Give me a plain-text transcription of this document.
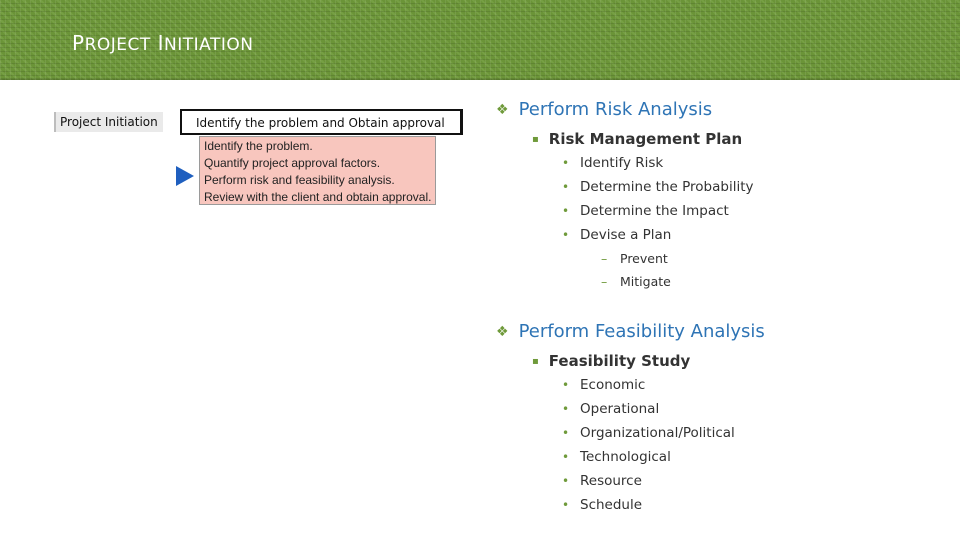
PROJECT INITIATION
Project Initiation	Identify the problem and Obtain approval
Identify the problem.
Quantify project approval factors.
Perform risk and feasibility analysis.
Review with the client and obtain approval.
❖ Perform Risk Analysis
▪ Risk Management Plan
• Identify Risk
• Determine the Probability
• Determine the Impact
• Devise a Plan
– Prevent
– Mitigate
❖ Perform Feasibility Analysis
▪ Feasibility Study
• Economic
• Operational
• Organizational/Political
• Technological
• Resource
• Schedule
